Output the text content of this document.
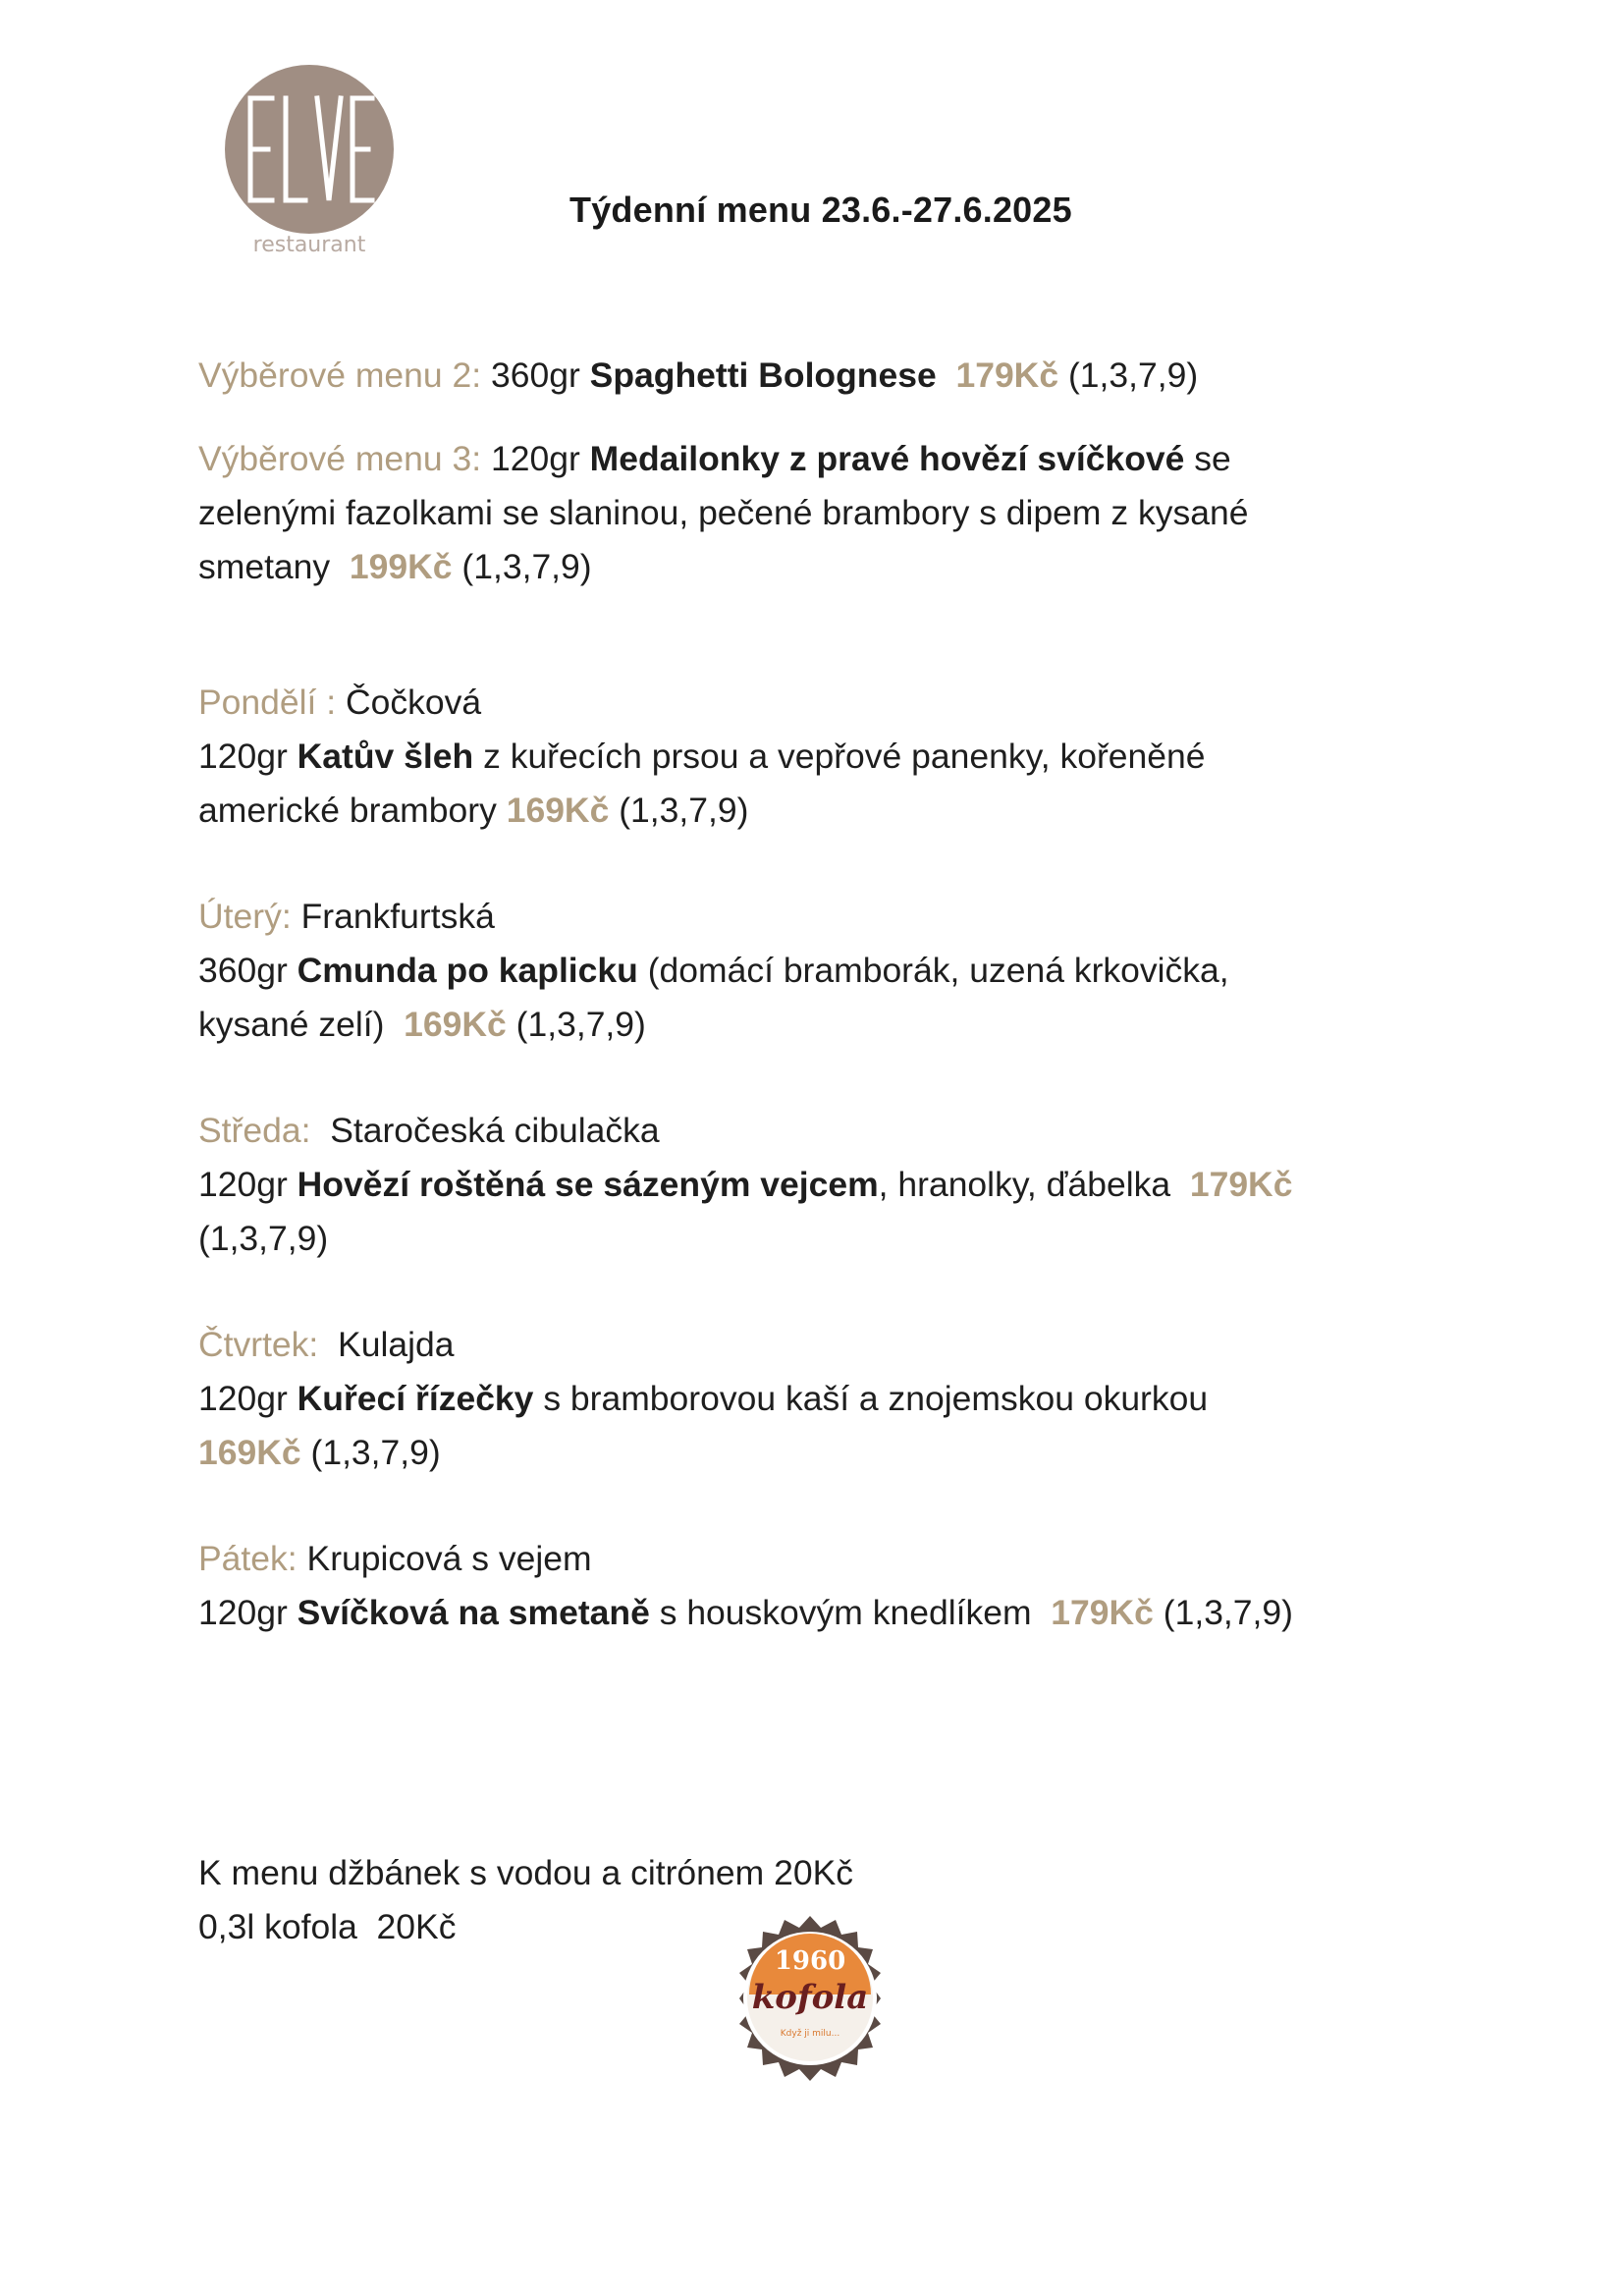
restaurant
Týdenní menu 23.6.-27.6.2025
Výběrové menu 2: 360gr Spaghetti Bolognese 179Kč (1,3,7,9)
Výběrové menu 3: 120gr Medailonky z pravé hovězí svíčkové se
zelenými fazolkami se slaninou, pečené brambory s dipem z kysané
smetany 199Kč (1,3,7,9)
Pondělí : Čočková
120gr Katův šleh z kuřecích prsou a vepřové panenky, kořeněné
americké brambory 169Kč (1,3,7,9)
Úterý: Frankfurtská
360gr Cmunda po kaplicku (domácí bramborák, uzená krkovička,
kysané zelí) 169Kč (1,3,7,9)
Středa: Staročeská cibulačka
120gr Hovězí roštěná se sázeným vejcem, hranolky, ďábelka 179Kč
(1,3,7,9)
Čtvrtek: Kulajda
120gr Kuřecí řízečky s bramborovou kaší a znojemskou okurkou
169Kč (1,3,7,9)
Pátek: Krupicová s vejem
120gr Svíčková na smetaně s houskovým knedlíkem 179Kč (1,3,7,9)
K menu džbánek s vodou a citrónem 20Kč
0,3l kofola  20Kč
1960
kofola
Když ji milu...
